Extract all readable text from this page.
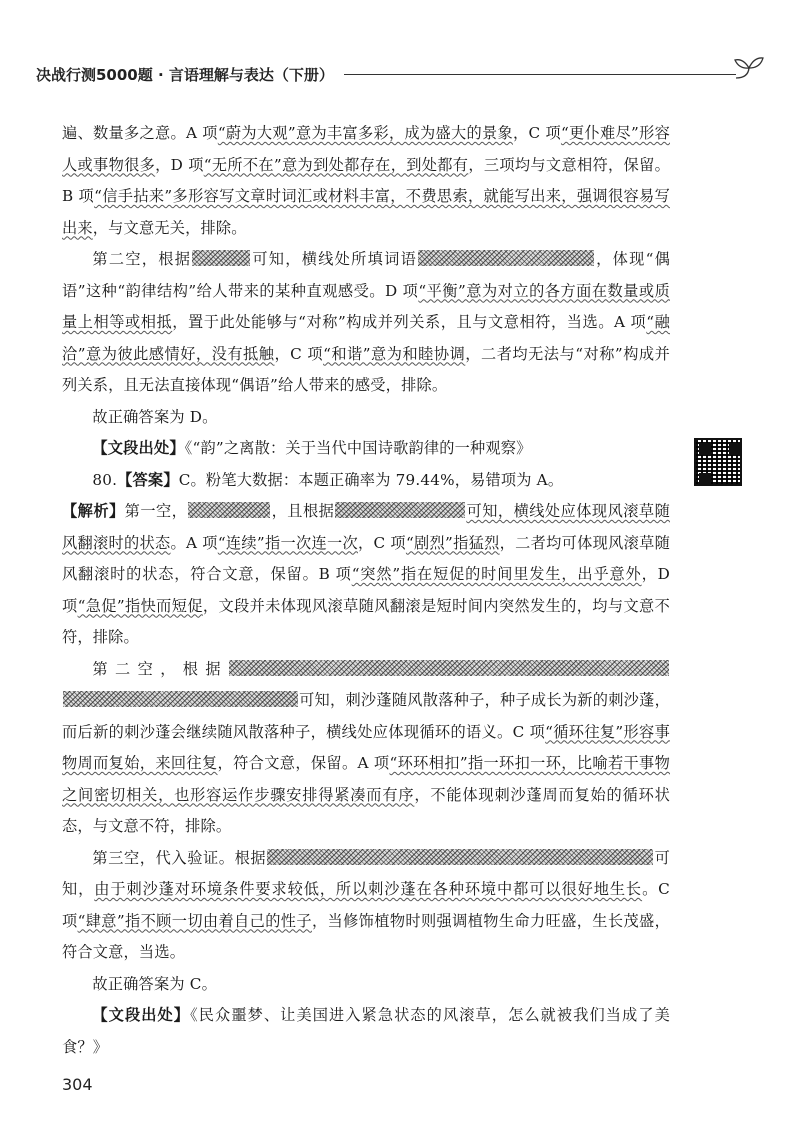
决战行测5000题 · 言语理解与表达（下册）

遍、数量多之意。A 项“蔚为大观”意为丰富多彩，成为盛大的景象，C 项“更仆难尽”形容人或事物很多，D 项“无所不在”意为到处都存在，到处都有，三项均与文意相符，保留。B 项“信手拈来”多形容写文章时词汇或材料丰富，不费思索，就能写出来，强调很容易写出来，与文意无关，排除。

第二空，根据	可知，横线处所填词语	，体现“偶语”这种“韵律结构”给人带来的某种直观感受。D 项“平衡”意为对立的各方面在数量或质量上相等或相抵，置于此处能够与“对称”构成并列关系，且与文意相符，当选。A 项“融洽”意为彼此感情好，没有抵触，C 项“和谐”意为和睦协调，二者均无法与“对称”构成并列关系，且无法直接体现“偶语”给人带来的感受，排除。

故正确答案为 D。

【文段出处】《“韵”之离散：关于当代中国诗歌韵律的一种观察》

80.【答案】C。粉笔大数据：本题正确率为 79.44%，易错项为 A。

【解析】第一空，	，且根据	可知，横线处应体现风滚草随风翻滚时的状态。A 项“连续”指一次连一次，C 项“剧烈”指猛烈，二者均可体现风滚草随风翻滚时的状态，符合文意，保留。B 项“突然”指在短促的时间里发生，出乎意外，D 项“急促”指快而短促，文段并未体现风滚草随风翻滚是短时间内突然发生的，均与文意不符，排除。

第二空，根据可知，刺沙蓬随风散落种子，种子成长为新的刺沙蓬，而后新的刺沙蓬会继续随风散落种子，横线处应体现循环的语义。C 项“循环往复”形容事物周而复始，来回往复，符合文意，保留。A 项“环环相扣”指一环扣一环，比喻若干事物之间密切相关，也形容运作步骤安排得紧凑而有序，不能体现刺沙蓬周而复始的循环状态，与文意不符，排除。

第三空，代入验证。根据	可知，由于刺沙蓬对环境条件要求较低，所以刺沙蓬在各种环境中都可以很好地生长。C 项“肆意”指不顾一切由着自己的性子，当修饰植物时则强调植物生命力旺盛，生长茂盛，符合文意，当选。

故正确答案为 C。

【文段出处】《民众噩梦、让美国进入紧急状态的风滚草，怎么就被我们当成了美食？》

304
